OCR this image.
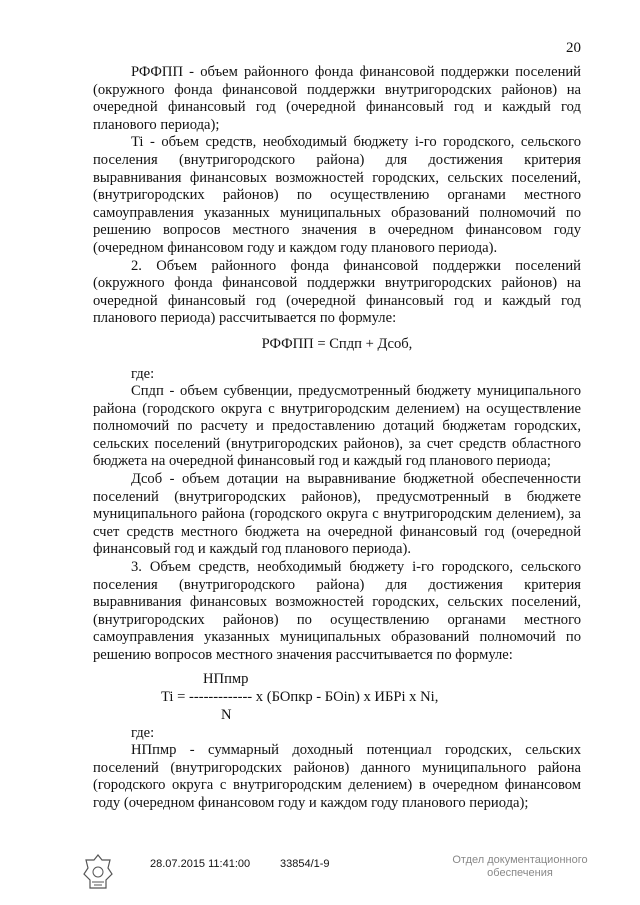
20

РФФПП - объем районного фонда финансовой поддержки поселений (окружного фонда финансовой поддержки внутригородских районов) на очередной финансовый год (очередной финансовый год и каждый год планового периода);

Ti - объем средств, необходимый бюджету i-го городского, сельского поселения (внутригородского района) для достижения критерия выравнивания финансовых возможностей городских, сельских поселений, (внутригородских районов) по осуществлению органами местного самоуправления указанных муниципальных образований полномочий по решению вопросов местного значения в очередном финансовом году (очередном финансовом году и каждом году планового периода).

2. Объем районного фонда финансовой поддержки поселений (окружного фонда финансовой поддержки внутригородских районов) на очередной финансовый год (очередной финансовый год и каждый год планового периода) рассчитывается по формуле:

РФФПП = Спдп + Дсоб,

где:

Спдп - объем субвенции, предусмотренный бюджету муниципального района (городского округа с внутригородским делением) на осуществление полномочий по расчету и предоставлению дотаций бюджетам городских, сельских поселений (внутригородских районов), за счет средств областного бюджета на очередной финансовый год и каждый год планового периода;

Дсоб - объем дотации на выравнивание бюджетной обеспеченности поселений (внутригородских районов), предусмотренный в бюджете муниципального района (городского округа с внутригородским делением), за счет средств местного бюджета на очередной финансовый год (очередной финансовый год и каждый год планового периода).

3. Объем средств, необходимый бюджету i-го городского, сельского поселения (внутригородского района) для достижения критерия выравнивания финансовых возможностей городских, сельских поселений, (внутригородских районов) по осуществлению органами местного самоуправления указанных муниципальных образований полномочий по решению вопросов местного значения рассчитывается по формуле:

НПпмр
Ti = ------------- x (БОпкр - БОin) x ИБРi x Ni,
N

где:

НПпмр - суммарный доходный потенциал городских, сельских поселений (внутригородских районов) данного муниципального района (городского округа с внутригородским делением) в очередном финансовом году (очередном финансовом году и каждом году планового периода);

28.07.2015 11:41:00	33854/1-9	Отдел документационного обеспечения
